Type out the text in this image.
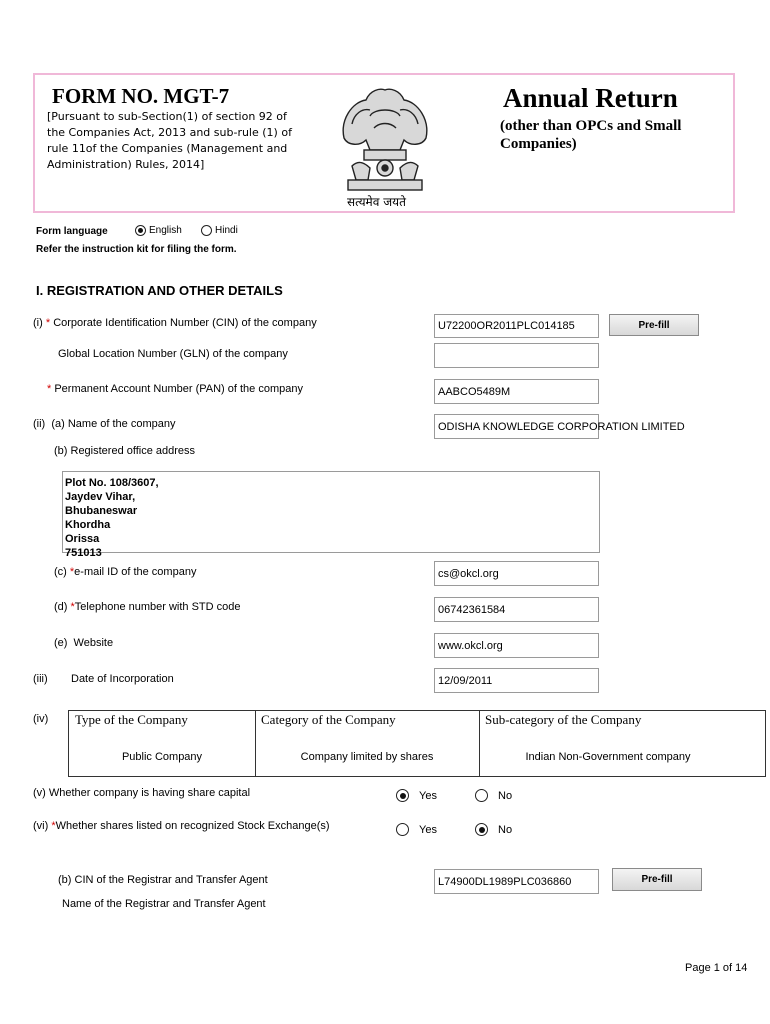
FORM NO. MGT-7
[Pursuant to sub-Section(1) of section 92 of the Companies Act, 2013 and sub-rule (1) of rule 11of the Companies (Management and Administration) Rules, 2014]
सत्यमेव जयते
Annual Return
(other than OPCs and Small Companies)
Form language	English	Hindi
Refer the instruction kit for filing the form.
I. REGISTRATION AND OTHER DETAILS
(i) * Corporate Identification Number (CIN) of the company	U72200OR2011PLC014185	Pre-fill
Global Location Number (GLN) of the company
* Permanent Account Number (PAN) of the company	AABCO5489M
(ii) (a) Name of the company	ODISHA KNOWLEDGE CORPORATION LIMITED
(b) Registered office address
Plot No. 108/3607,
Jaydev Vihar,
Bhubaneswar
Khordha
Orissa
751013
(c) *e-mail ID of the company	cs@okcl.org
(d) *Telephone number with STD code	06742361584
(e)  Website	www.okcl.org
(iii) Date of Incorporation	12/09/2011
(iv)	Type of the Company	Category of the Company	Sub-category of the Company
Public Company	Company limited by shares	Indian Non-Government company
(v) Whether company is having share capital	Yes	No
(vi) *Whether shares listed on recognized Stock Exchange(s)	Yes	No
(b) CIN of the Registrar and Transfer Agent	L74900DL1989PLC036860	Pre-fill
Name of the Registrar and Transfer Agent
Page 1 of 14
